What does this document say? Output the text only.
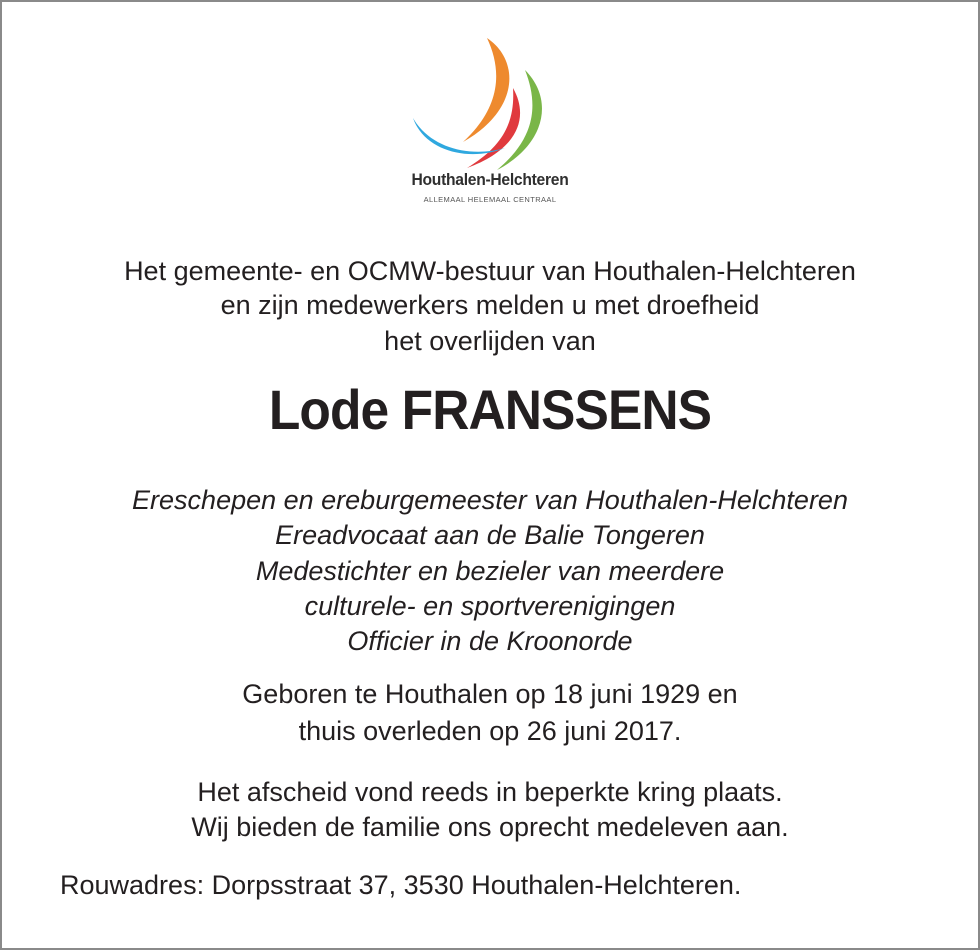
Houthalen-Helchteren
ALLEMAAL HELEMAAL CENTRAAL
Het gemeente- en OCMW-bestuur van Houthalen-Helchteren
en zijn medewerkers melden u met droefheid
het overlijden van
Lode FRANSSENS
Ereschepen en ereburgemeester van Houthalen-Helchteren
Ereadvocaat aan de Balie Tongeren
Medestichter en bezieler van meerdere
culturele- en sportverenigingen
Officier in de Kroonorde
Geboren te Houthalen op 18 juni 1929 en
thuis overleden op 26 juni 2017.
Het afscheid vond reeds in beperkte kring plaats.
Wij bieden de familie ons oprecht medeleven aan.
Rouwadres: Dorpsstraat 37, 3530 Houthalen-Helchteren.
